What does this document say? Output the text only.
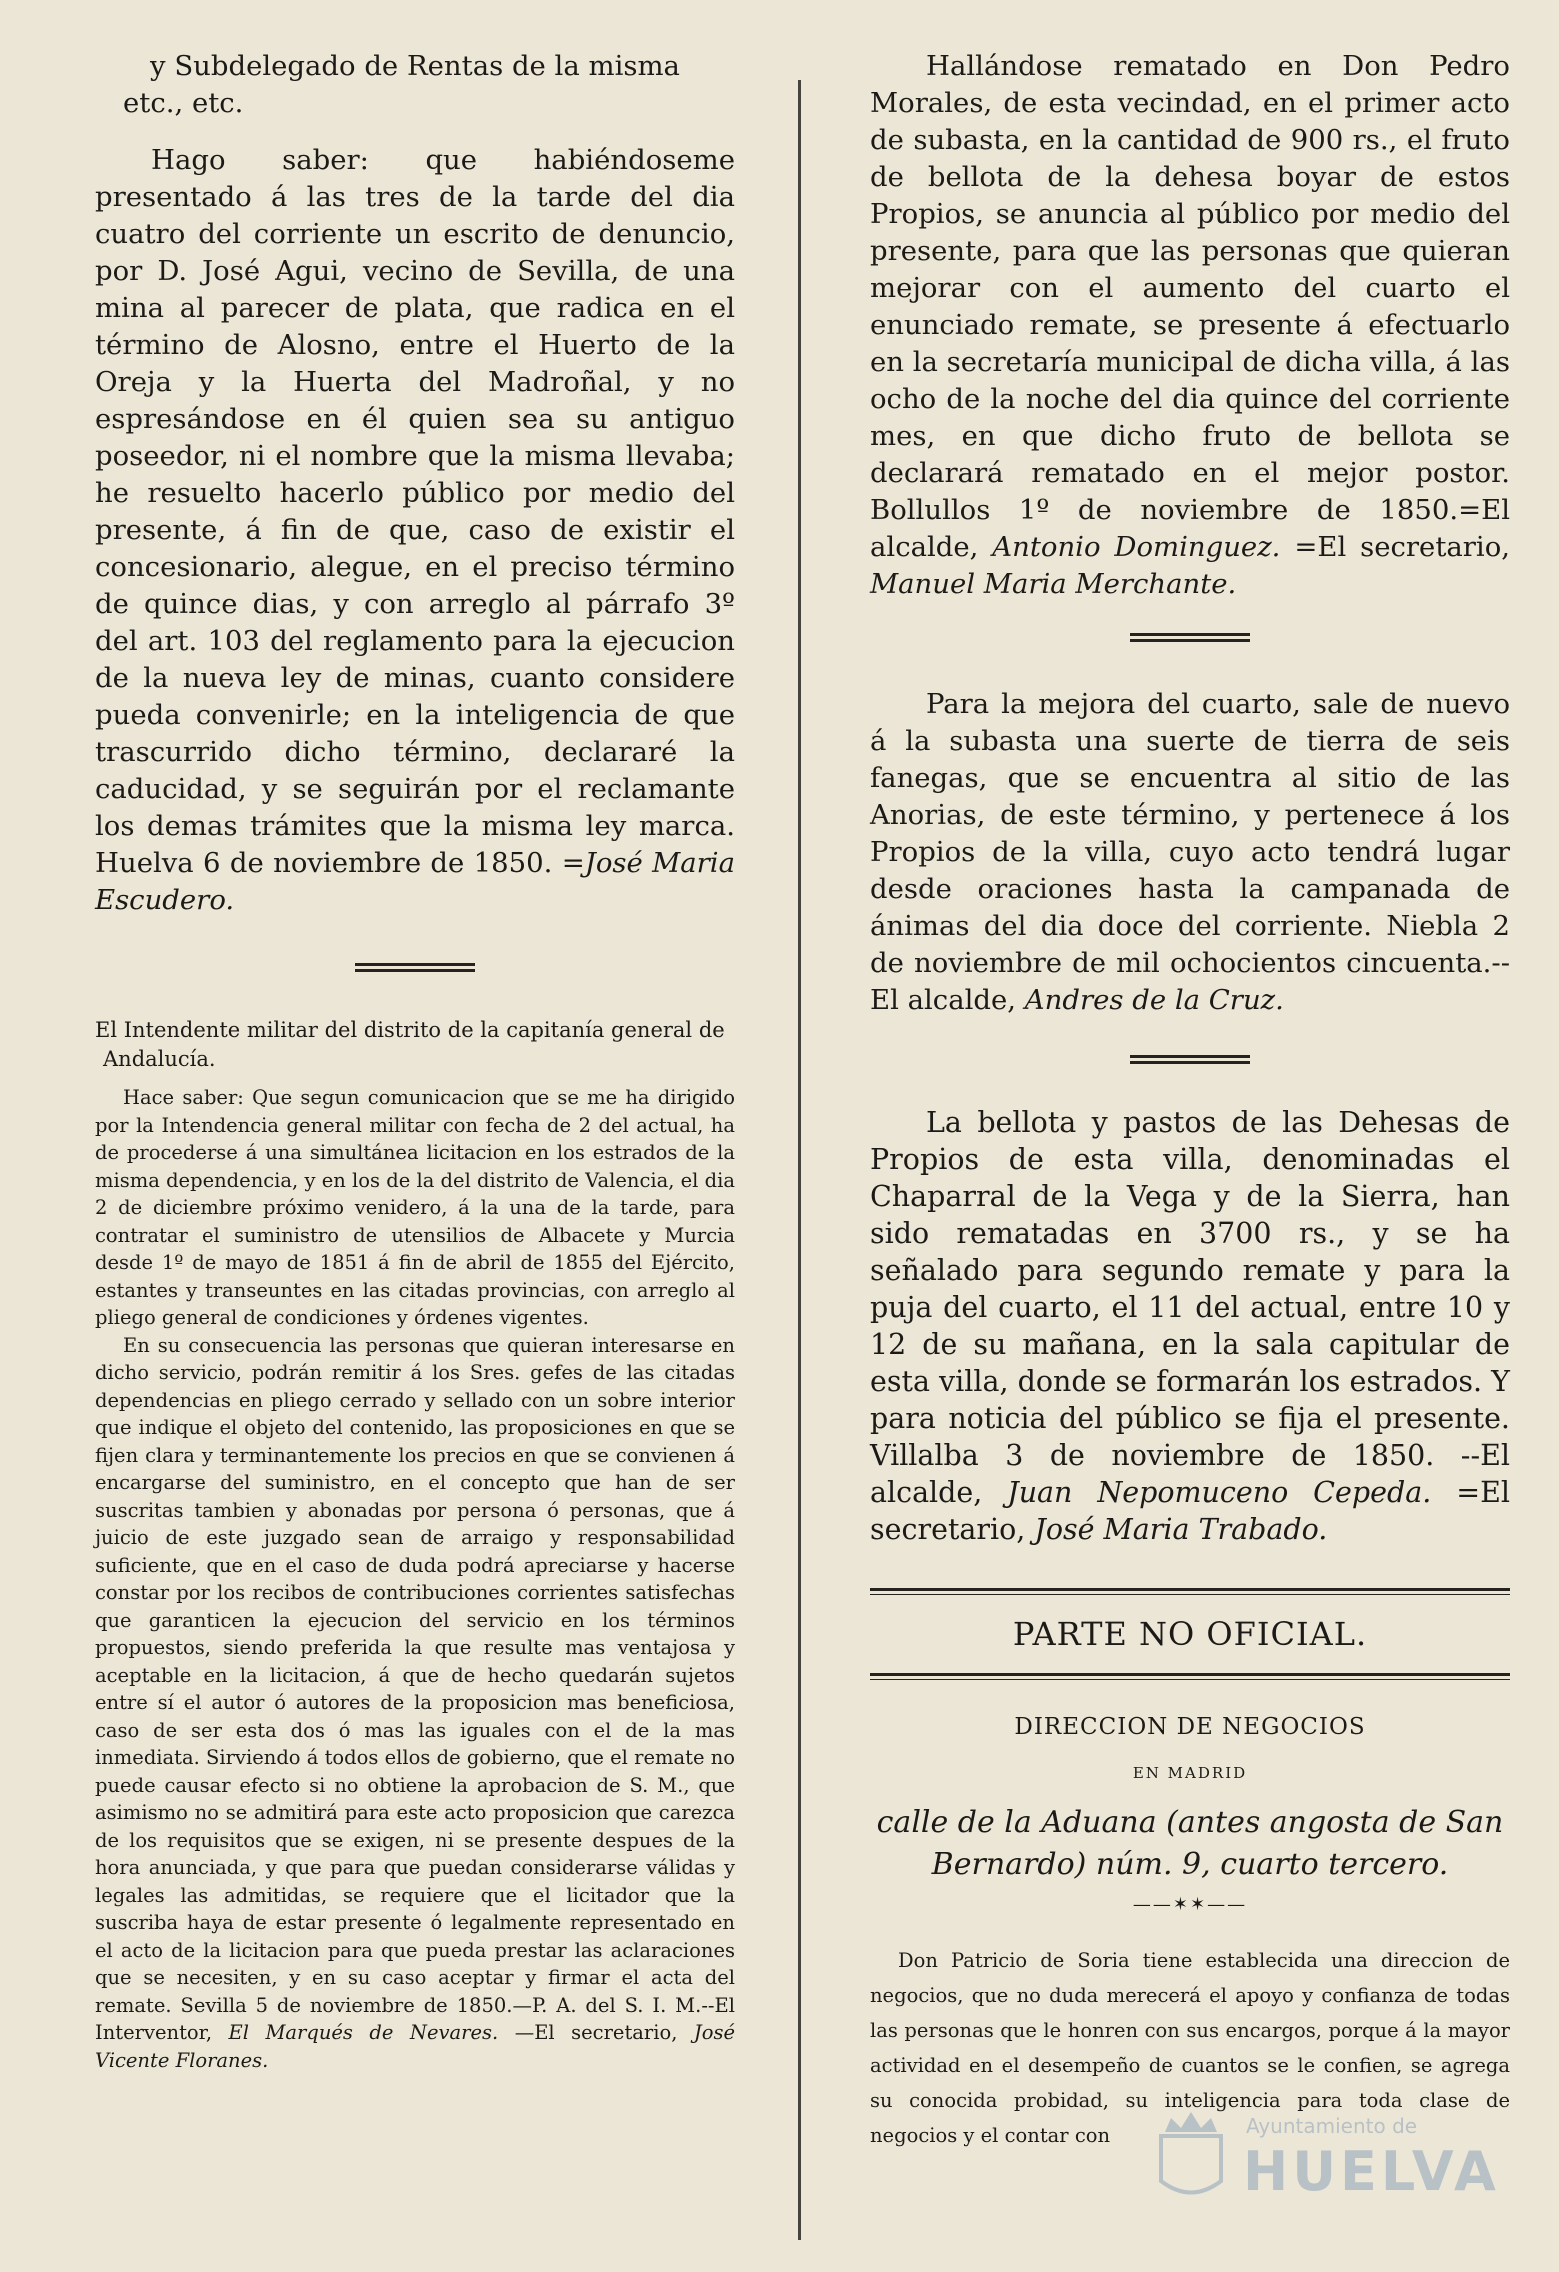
y Subdelegado de Rentas de la misma

etc., etc.

Hago saber: que habiéndoseme presentado á las tres de la tarde del dia cuatro del corriente un escrito de denuncio, por D. José Agui, vecino de Sevilla, de una mina al parecer de plata, que radica en el término de Alosno, entre el Huerto de la Oreja y la Huerta del Madroñal, y no espresándose en él quien sea su antiguo poseedor, ni el nombre que la misma llevaba; he resuelto hacerlo público por medio del presente, á fin de que, caso de existir el concesionario, alegue, en el preciso término de quince dias, y con arreglo al párrafo 3º del art. 103 del reglamento para la ejecucion de la nueva ley de minas, cuanto considere pueda convenirle; en la inteligencia de que trascurrido dicho término, declararé la caducidad, y se seguirán por el reclamante los demas trámites que la misma ley marca. Huelva 6 de noviembre de 1850. =José Maria Escudero.

El Intendente militar del distrito de la capitanía general de Andalucía.

Hace saber: Que segun comunicacion que se me ha dirigido por la Intendencia general militar con fecha de 2 del actual, ha de procederse á una simultánea licitacion en los estrados de la misma dependencia, y en los de la del distrito de Valencia, el dia 2 de diciembre próximo venidero, á la una de la tarde, para contratar el suministro de utensilios de Albacete y Murcia desde 1º de mayo de 1851 á fin de abril de 1855 del Ejército, estantes y transeuntes en las citadas provincias, con arreglo al pliego general de condiciones y órdenes vigentes.

En su consecuencia las personas que quieran interesarse en dicho servicio, podrán remitir á los Sres. gefes de las citadas dependencias en pliego cerrado y sellado con un sobre interior que indique el objeto del contenido, las proposiciones en que se fijen clara y terminantemente los precios en que se convienen á encargarse del suministro, en el concepto que han de ser suscritas tambien y abonadas por persona ó personas, que á juicio de este juzgado sean de arraigo y responsabilidad suficiente, que en el caso de duda podrá apreciarse y hacerse constar por los recibos de contribuciones corrientes satisfechas que garanticen la ejecucion del servicio en los términos propuestos, siendo preferida la que resulte mas ventajosa y aceptable en la licitacion, á que de hecho quedarán sujetos entre sí el autor ó autores de la proposicion mas beneficiosa, caso de ser esta dos ó mas las iguales con el de la mas inmediata. Sirviendo á todos ellos de gobierno, que el remate no puede causar efecto si no obtiene la aprobacion de S. M., que asimismo no se admitirá para este acto proposicion que carezca de los requisitos que se exigen, ni se presente despues de la hora anunciada, y que para que puedan considerarse válidas y legales las admitidas, se requiere que el licitador que la suscriba haya de estar presente ó legalmente representado en el acto de la licitacion para que pueda prestar las aclaraciones que se necesiten, y en su caso aceptar y firmar el acta del remate. Sevilla 5 de noviembre de 1850.—P. A. del S. I. M.--El Interventor, El Marqués de Nevares. —El secretario, José Vicente Floranes.

Hallándose rematado en Don Pedro Morales, de esta vecindad, en el primer acto de subasta, en la cantidad de 900 rs., el fruto de bellota de la dehesa boyar de estos Propios, se anuncia al público por medio del presente, para que las personas que quieran mejorar con el aumento del cuarto el enunciado remate, se presente á efectuarlo en la secretaría municipal de dicha villa, á las ocho de la noche del dia quince del corriente mes, en que dicho fruto de bellota se declarará rematado en el mejor postor. Bollullos 1º de noviembre de 1850.=El alcalde, Antonio Dominguez. =El secretario, Manuel Maria Merchante.

Para la mejora del cuarto, sale de nuevo á la subasta una suerte de tierra de seis fanegas, que se encuentra al sitio de las Anorias, de este término, y pertenece á los Propios de la villa, cuyo acto tendrá lugar desde oraciones hasta la campanada de ánimas del dia doce del corriente. Niebla 2 de noviembre de mil ochocientos cincuenta.--El alcalde, Andres de la Cruz.

La bellota y pastos de las Dehesas de Propios de esta villa, denominadas el Chaparral de la Vega y de la Sierra, han sido rematadas en 3700 rs., y se ha señalado para segundo remate y para la puja del cuarto, el 11 del actual, entre 10 y 12 de su mañana, en la sala capitular de esta villa, donde se formarán los estrados. Y para noticia del público se fija el presente. Villalba 3 de noviembre de 1850. --El alcalde, Juan Nepomuceno Cepeda. =El secretario, José Maria Trabado.

PARTE NO OFICIAL.
DIRECCION DE NEGOCIOS
EN MADRID

calle de la Aduana (antes angosta de San Bernardo) núm. 9, cuarto tercero.

——✶✶——

Don Patricio de Soria tiene establecida una direccion de negocios, que no duda merecerá el apoyo y confianza de todas las personas que le honren con sus encargos, porque á la mayor actividad en el desempeño de cuantos se le confien, se agrega su conocida probidad, su inteligencia para toda clase de negocios y el contar con	Ayuntamiento de
HUELVA
